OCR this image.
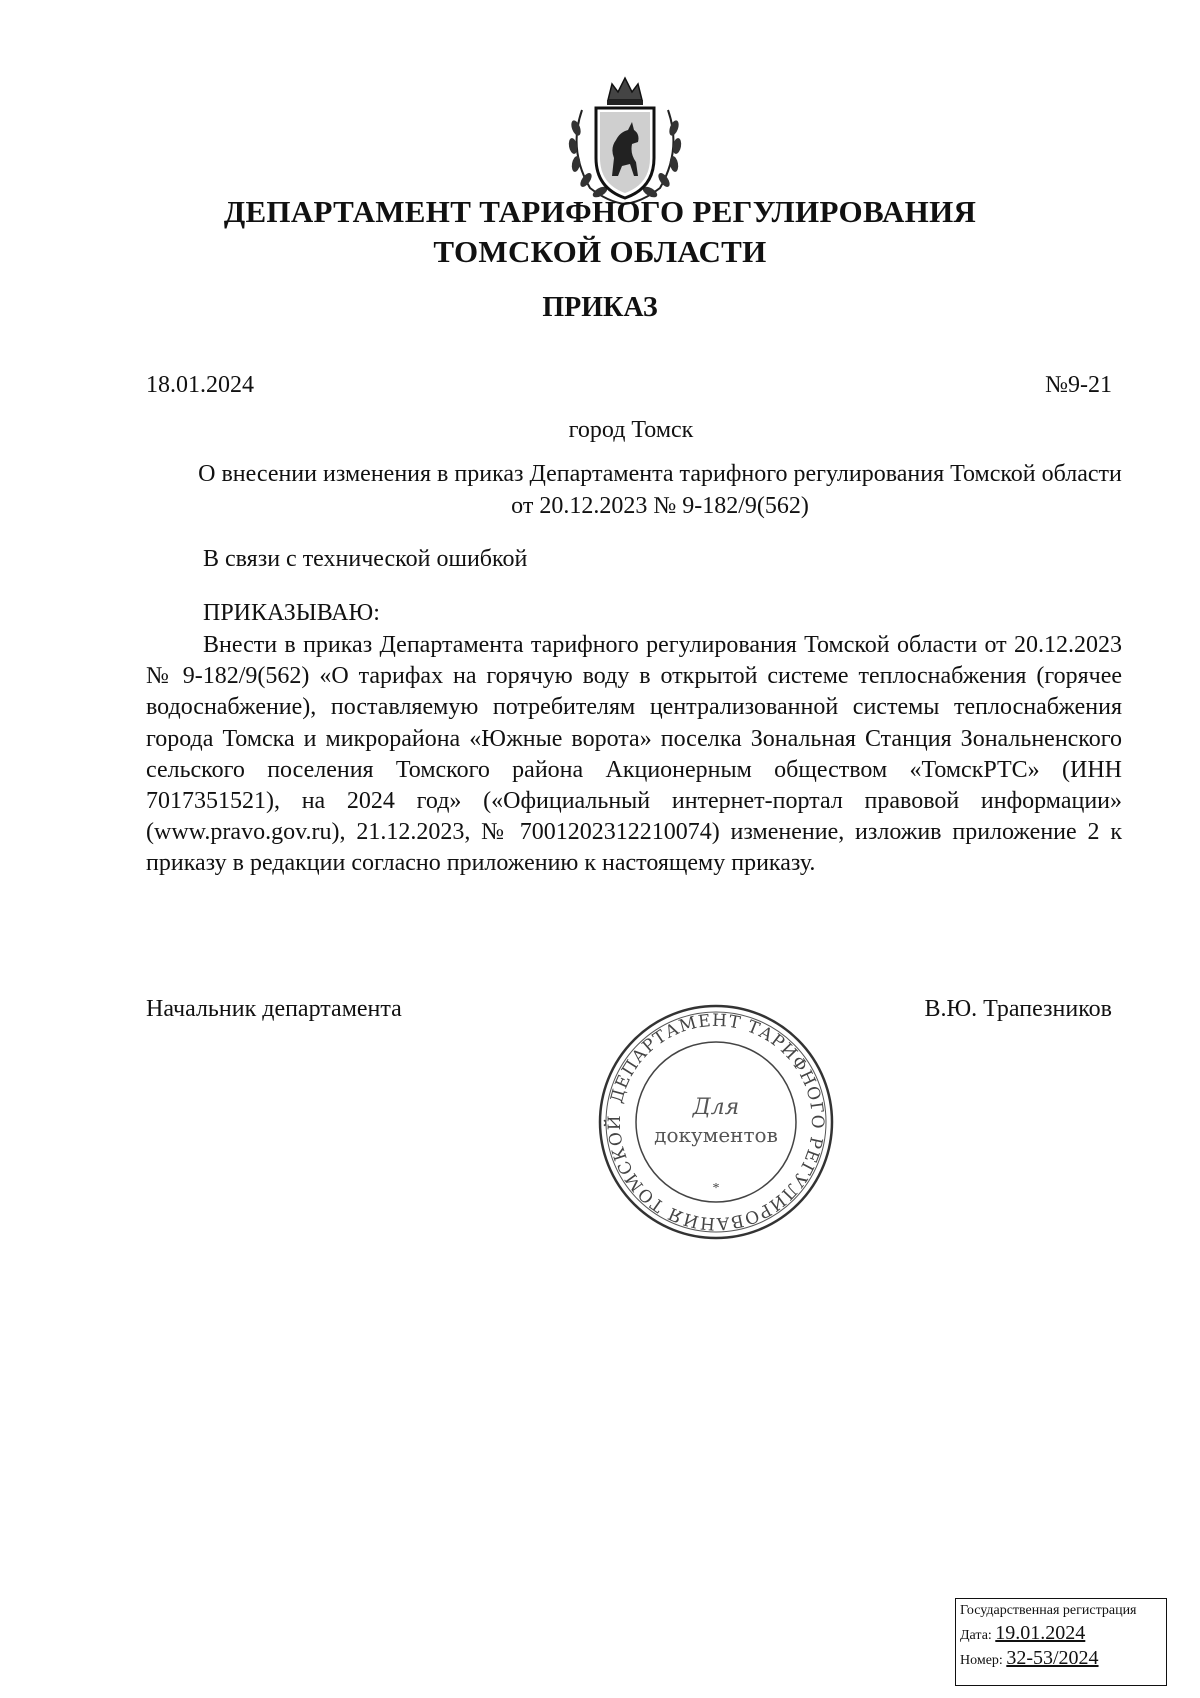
ДЕПАРТАМЕНТ ТАРИФНОГО РЕГУЛИРОВАНИЯ
ТОМСКОЙ ОБЛАСТИ
ПРИКАЗ
18.01.2024	№9-21
город Томск
О внесении изменения в приказ Департамента тарифного регулирования Томской области от 20.12.2023 № 9-182/9(562)
В связи с технической ошибкой
ПРИКАЗЫВАЮ:
Внести в приказ Департамента тарифного регулирования Томской области от 20.12.2023 № 9-182/9(562) «О тарифах на горячую воду в открытой системе теплоснабжения (горячее водоснабжение), поставляемую потребителям централизованной системы теплоснабжения города Томска и микрорайона «Южные ворота» поселка Зональная Станция Зональненского сельского поселения Томского района Акционерным обществом «ТомскРТС» (ИНН 7017351521), на 2024 год» («Официальный интернет-портал правовой информации» (www.pravo.gov.ru), 21.12.2023, № 7001202312210074) изменение, изложив приложение 2 к приказу в редакции согласно приложению к настоящему приказу.
Начальник департамента	В.Ю. Трапезников
ДЕПАРТАМЕНТ ТАРИФНОГО РЕГУЛИРОВАНИЯ ТОМСКОЙ
*
Для
документов
Государственная регистрация
Дата: 19.01.2024
Номер: 32-53/2024
